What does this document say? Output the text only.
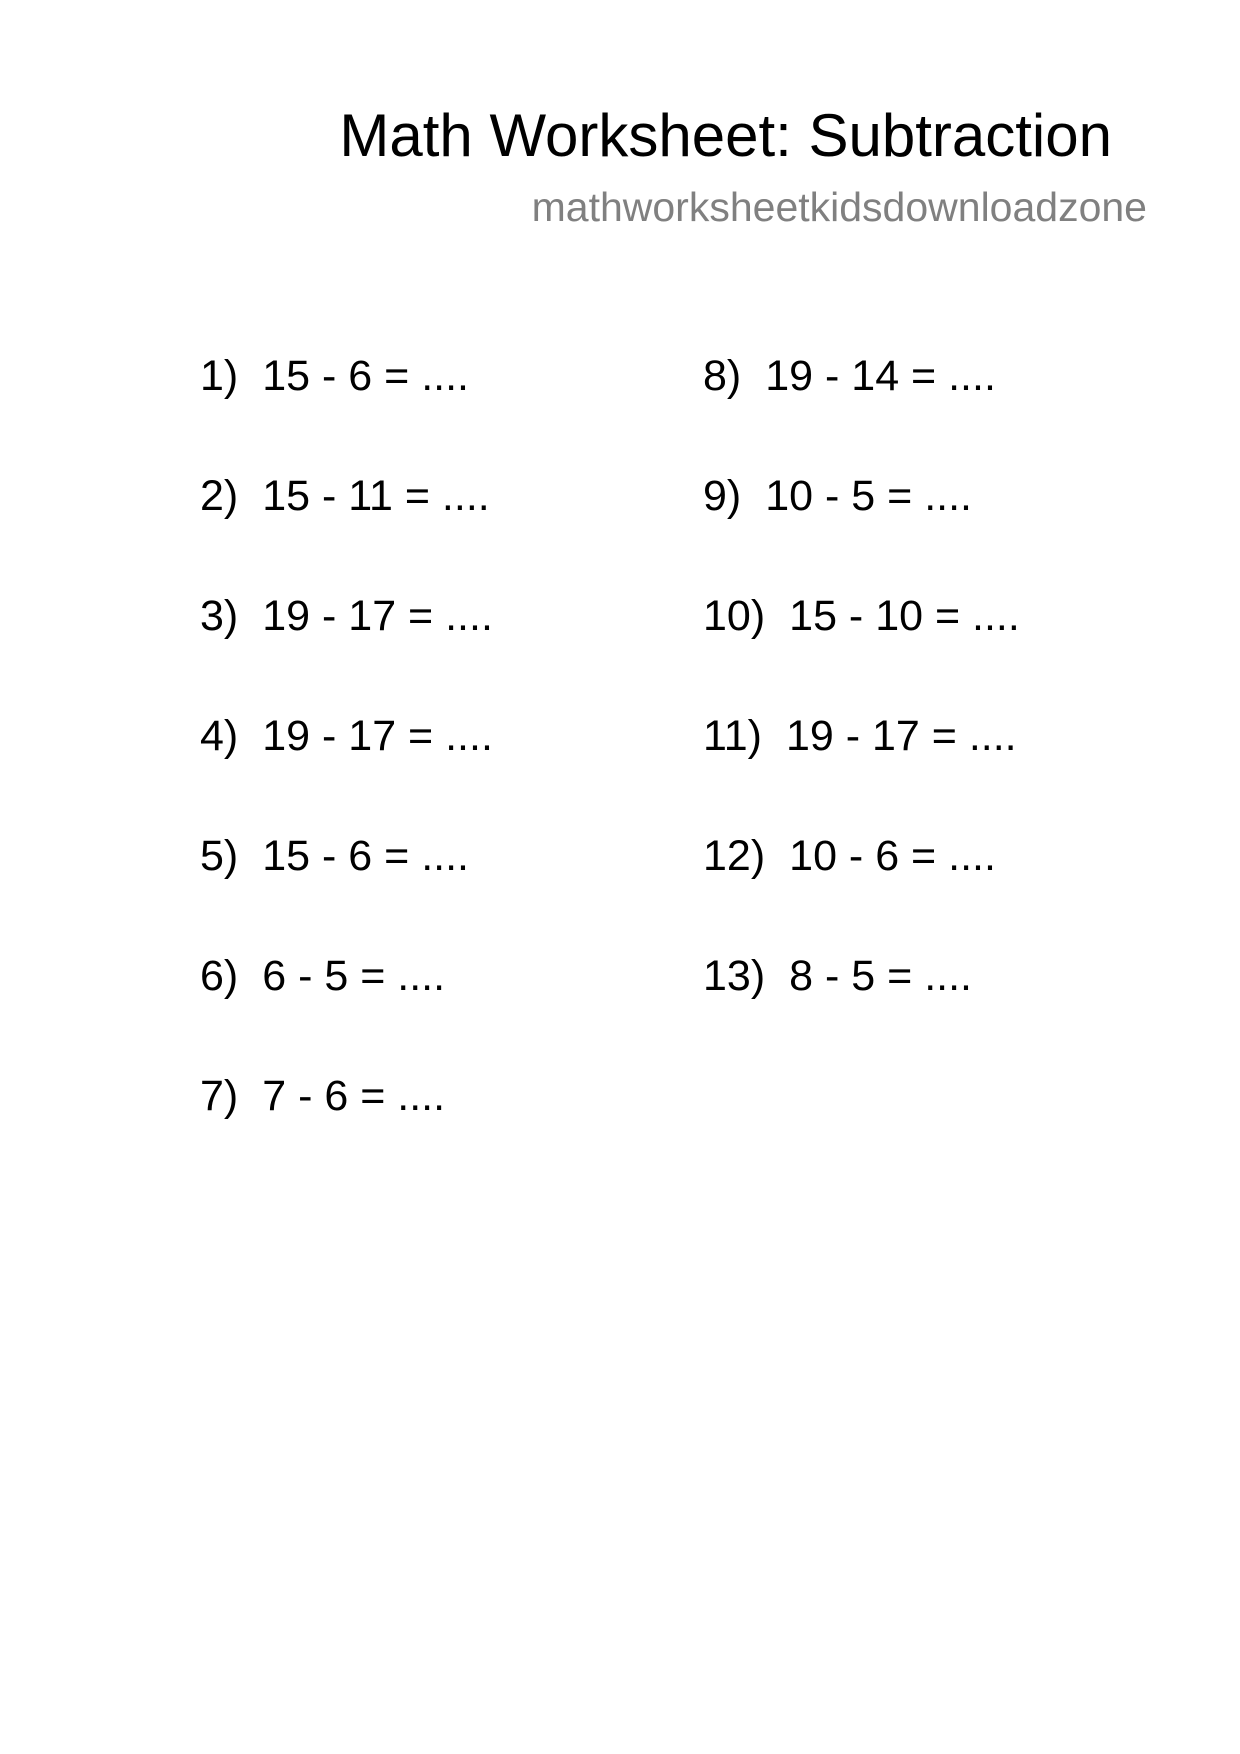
Math Worksheet: Subtraction
mathworksheetkidsdownloadzone
1) 15 - 6 = ....
2) 15 - 11 = ....
3) 19 - 17 = ....
4) 19 - 17 = ....
5) 15 - 6 = ....
6) 6 - 5 = ....
7) 7 - 6 = ....
8) 19 - 14 = ....
9) 10 - 5 = ....
10) 15 - 10 = ....
11) 19 - 17 = ....
12) 10 - 6 = ....
13) 8 - 5 = ....
